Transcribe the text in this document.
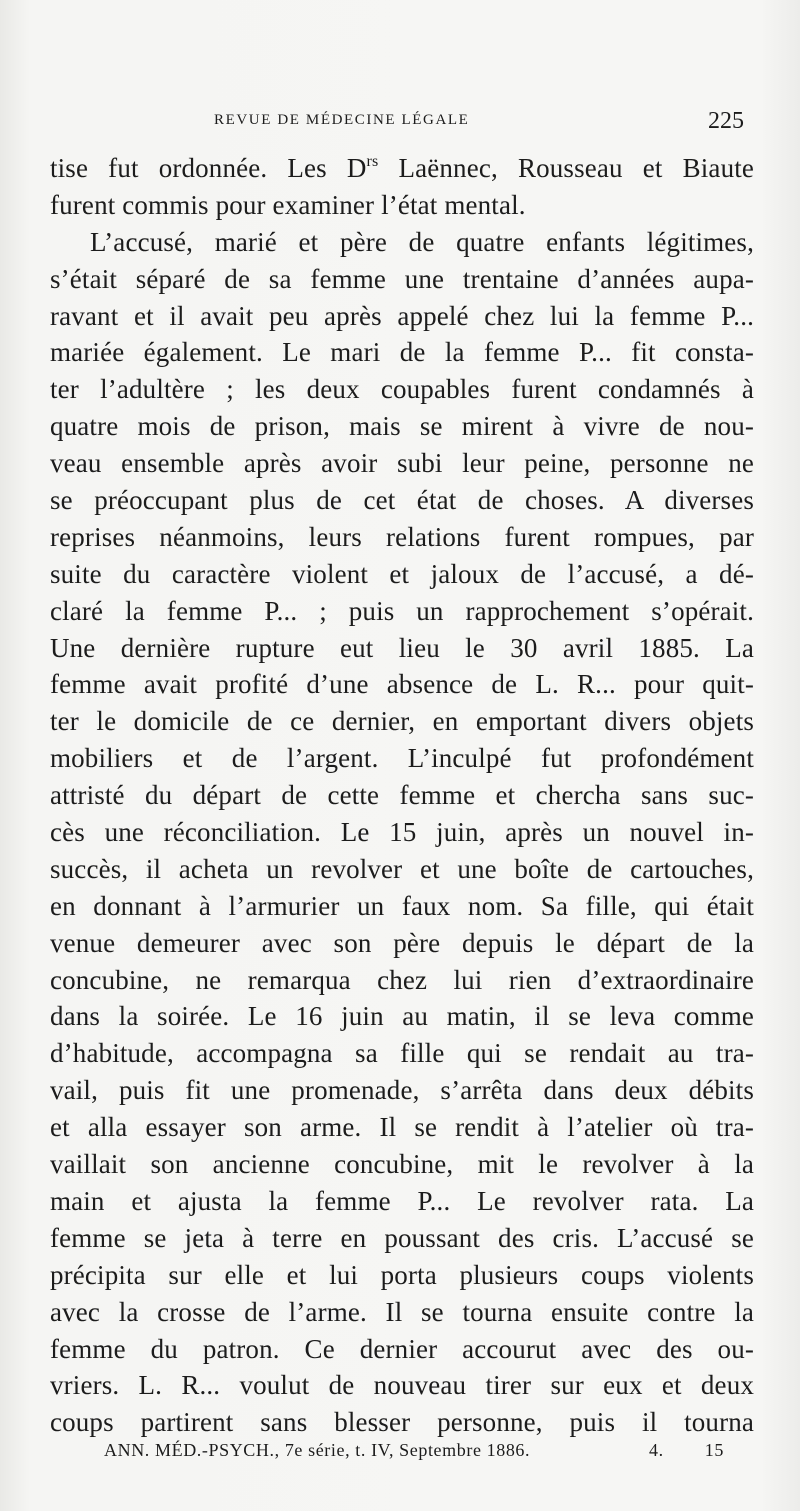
REVUE DE MÉDECINE LÉGALE	225
tise fut ordonnée. Les $D^{rs}$ Laënnec, Rousseau et Biaute
furent commis pour examiner l’état mental.
L’accusé, marié et père de quatre enfants légitimes,
s’était séparé de sa femme une trentaine d’années aupa-
ravant et il avait peu après appelé chez lui la femme P...
mariée également. Le mari de la femme P... fit consta-
ter l’adultère ; les deux coupables furent condamnés à
quatre mois de prison, mais se mirent à vivre de nou-
veau ensemble après avoir subi leur peine, personne ne
se préoccupant plus de cet état de choses. A diverses
reprises néanmoins, leurs relations furent rompues, par
suite du caractère violent et jaloux de l’accusé, a dé-
claré la femme P... ; puis un rapprochement s’opérait.
Une dernière rupture eut lieu le 30 avril 1885. La
femme avait profité d’une absence de L. R... pour quit-
ter le domicile de ce dernier, en emportant divers objets
mobiliers et de l’argent. L’inculpé fut profondément
attristé du départ de cette femme et chercha sans suc-
cès une réconciliation. Le 15 juin, après un nouvel in-
succès, il acheta un revolver et une boîte de cartouches,
en donnant à l’armurier un faux nom. Sa fille, qui était
venue demeurer avec son père depuis le départ de la
concubine, ne remarqua chez lui rien d’extraordinaire
dans la soirée. Le 16 juin au matin, il se leva comme
d’habitude, accompagna sa fille qui se rendait au tra-
vail, puis fit une promenade, s’arrêta dans deux débits
et alla essayer son arme. Il se rendit à l’atelier où tra-
vaillait son ancienne concubine, mit le revolver à la
main et ajusta la femme P... Le revolver rata. La
femme se jeta à terre en poussant des cris. L’accusé se
précipita sur elle et lui porta plusieurs coups violents
avec la crosse de l’arme. Il se tourna ensuite contre la
femme du patron. Ce dernier accourut avec des ou-
vriers. L. R... voulut de nouveau tirer sur eux et deux
coups partirent sans blesser personne, puis il tourna
ANN. MÉD.-PSYCH., 7e série, t. IV, Septembre 1886.	4. 15
